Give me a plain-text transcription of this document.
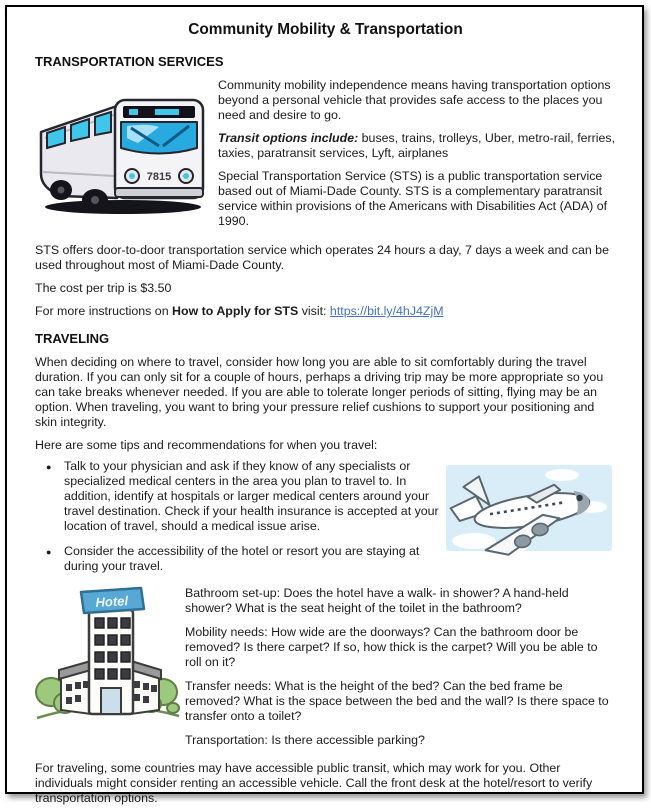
Community Mobility & Transportation
TRANSPORTATION SERVICES
7815

Community mobility independence means having transportation options beyond a personal vehicle that provides safe access to the places you need and desire to go.

Transit options include: buses, trains, trolleys, Uber, metro-rail, ferries, taxies, paratransit services, Lyft, airplanes

Special Transportation Service (STS) is a public transportation service based out of Miami-Dade County. STS is a complementary paratransit service within provisions of the Americans with Disabilities Act (ADA) of 1990.

STS offers door-to-door transportation service which operates 24 hours a day, 7 days a week and can be used throughout most of Miami-Dade County.

The cost per trip is $3.50

For more instructions on How to Apply for STS visit: https://bit.ly/4hJ4ZjM

TRAVELING

When deciding on where to travel, consider how long you are able to sit comfortably during the travel duration. If you can only sit for a couple of hours, perhaps a driving trip may be more appropriate so you can take breaks whenever needed. If you are able to tolerate longer periods of sitting, flying may be an option. When traveling, you want to bring your pressure relief cushions to support your positioning and skin integrity.

Here are some tips and recommendations for when you travel:

● Talk to your physician and ask if they know of any specialists or specialized medical centers in the area you plan to travel to. In addition, identify at hospitals or larger medical centers around your travel destination. Check if your health insurance is accepted at your location of travel, should a medical issue arise.
● Consider the accessibility of the hotel or resort you are staying at during your travel.
Hotel

Bathroom set-up: Does the hotel have a walk- in shower? A hand-held shower? What is the seat height of the toilet in the bathroom?

Mobility needs: How wide are the doorways? Can the bathroom door be removed? Is there carpet? If so, how thick is the carpet? Will you be able to roll on it?

Transfer needs: What is the height of the bed? Can the bed frame be removed? What is the space between the bed and the wall? Is there space to transfer onto a toilet?

Transportation: Is there accessible parking?

For traveling, some countries may have accessible public transit, which may work for you. Other individuals might consider renting an accessible vehicle. Call the front desk at the hotel/resort to verify transportation options.
